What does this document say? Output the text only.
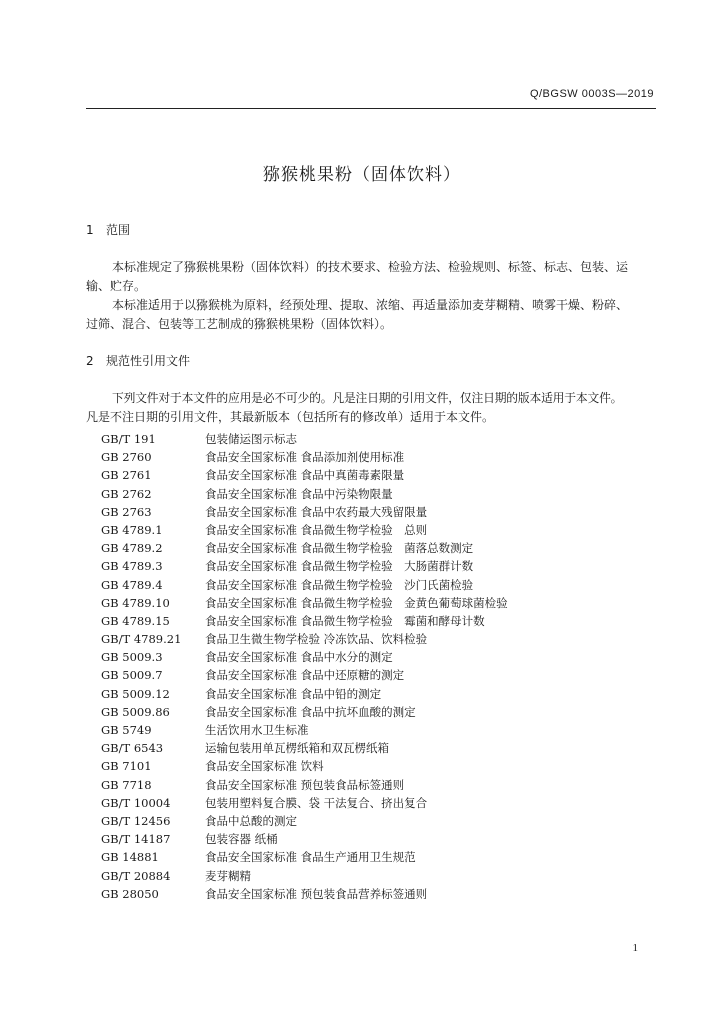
Q/BGSW 0003S—2019
猕猴桃果粉（固体饮料）
1 范围
本标准规定了猕猴桃果粉（固体饮料）的技术要求、检验方法、检验规则、标签、标志、包装、运
输、贮存。
本标准适用于以猕猴桃为原料，经预处理、提取、浓缩、再适量添加麦芽糊精、喷雾干燥、粉碎、
过筛、混合、包装等工艺制成的猕猴桃果粉（固体饮料）。
2 规范性引用文件
下列文件对于本文件的应用是必不可少的。凡是注日期的引用文件，仅注日期的版本适用于本文件。
凡是不注日期的引用文件，其最新版本（包括所有的修改单）适用于本文件。
GB/T 191	包装储运图示标志
GB 2760	食品安全国家标准 食品添加剂使用标准
GB 2761	食品安全国家标准 食品中真菌毒素限量
GB 2762	食品安全国家标准 食品中污染物限量
GB 2763	食品安全国家标准 食品中农药最大残留限量
GB 4789.1	食品安全国家标准 食品微生物学检验　总则
GB 4789.2	食品安全国家标准 食品微生物学检验　菌落总数测定
GB 4789.3	食品安全国家标准 食品微生物学检验　大肠菌群计数
GB 4789.4	食品安全国家标准 食品微生物学检验　沙门氏菌检验
GB 4789.10	食品安全国家标准 食品微生物学检验　金黄色葡萄球菌检验
GB 4789.15	食品安全国家标准 食品微生物学检验　霉菌和酵母计数
GB/T 4789.21 食品卫生微生物学检验 冷冻饮品、饮料检验
GB 5009.3	食品安全国家标准 食品中水分的测定
GB 5009.7	食品安全国家标准 食品中还原糖的测定
GB 5009.12	食品安全国家标准 食品中铅的测定
GB 5009.86	食品安全国家标准 食品中抗坏血酸的测定
GB 5749	生活饮用水卫生标准
GB/T 6543	运输包装用单瓦楞纸箱和双瓦楞纸箱
GB 7101	食品安全国家标准 饮料
GB 7718	食品安全国家标准 预包装食品标签通则
GB/T 10004	包装用塑料复合膜、袋 干法复合、挤出复合
GB/T 12456	食品中总酸的测定
GB/T 14187	包装容器 纸桶
GB 14881	食品安全国家标准 食品生产通用卫生规范
GB/T 20884	麦芽糊精
GB 28050	食品安全国家标准 预包装食品营养标签通则
1
